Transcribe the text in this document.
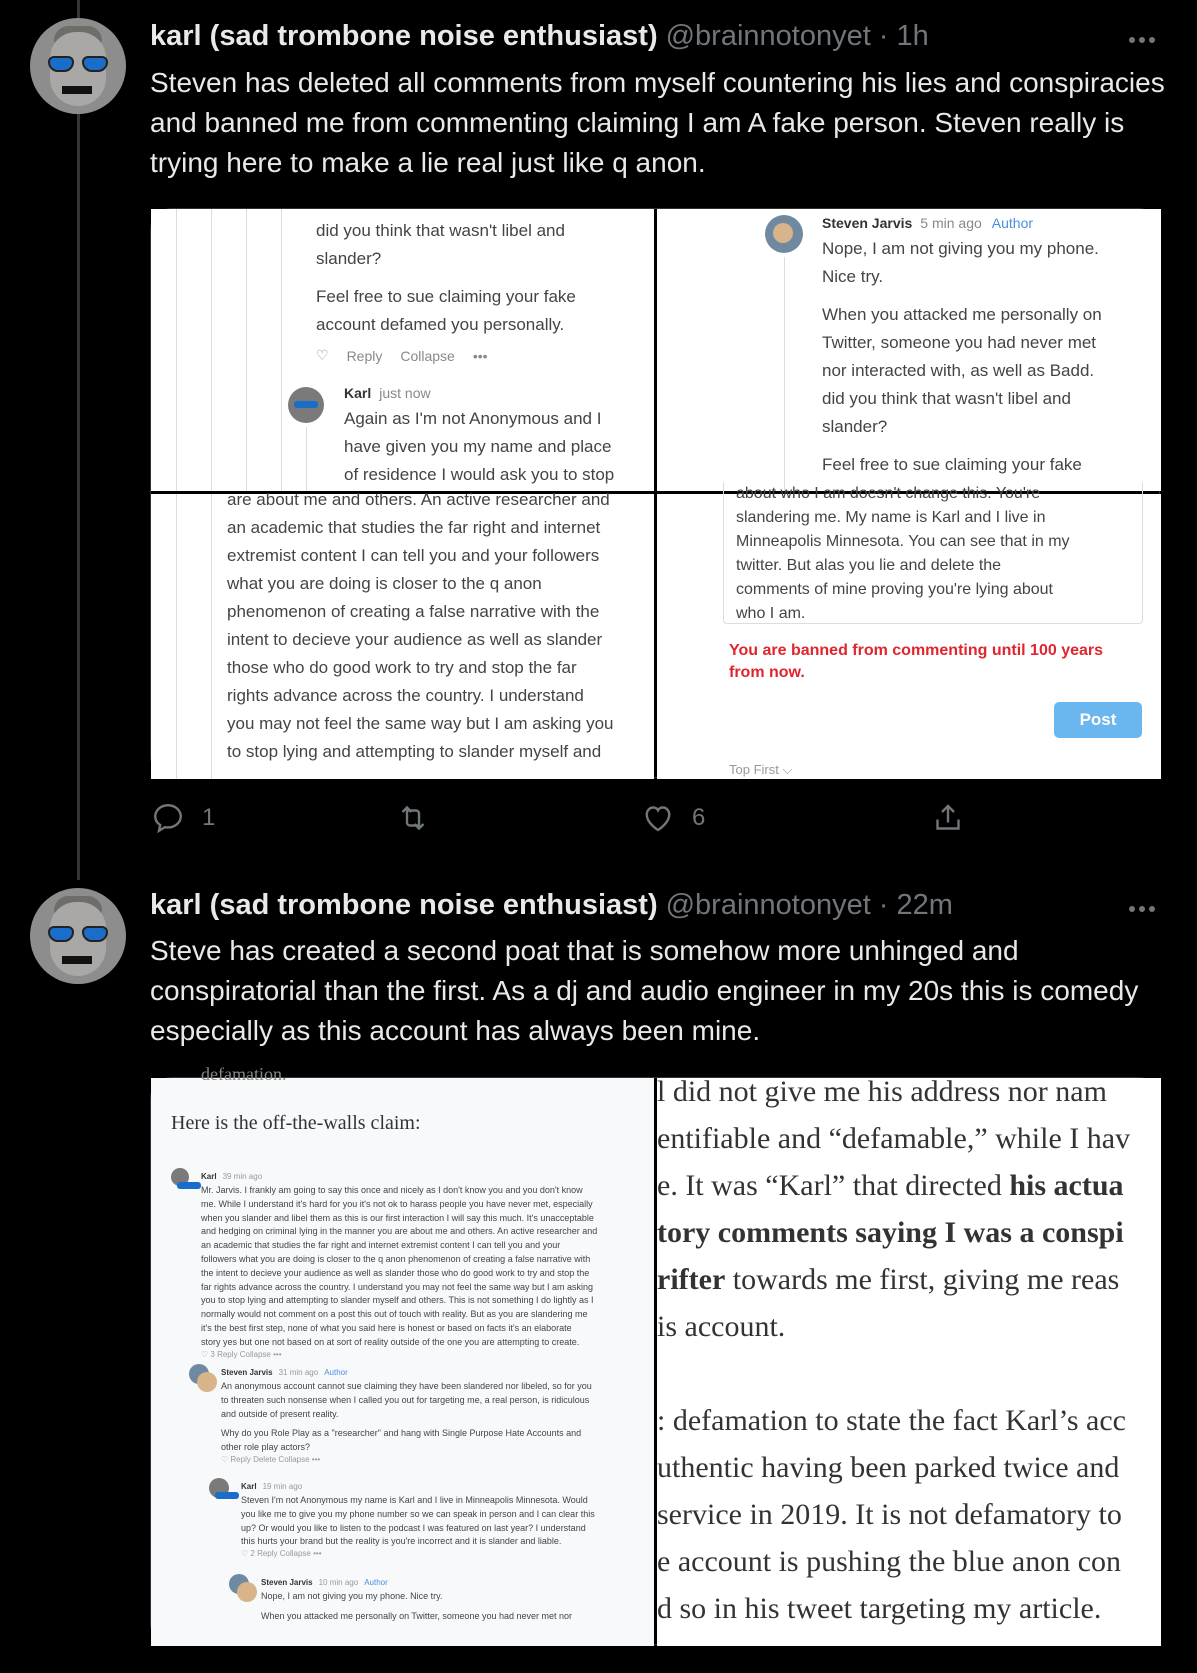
karl (sad trombone noise enthusiast) @brainnotonyet · 1h
Steven has deleted all comments from myself countering his lies and conspiracies and banned me from commenting claiming I am A fake person. Steven really is trying here to make a lie real just like q anon.
did you think that wasn't libel and
slander?
Feel free to sue claiming your fake
account defamed you personally.
♡ Reply Collapse •••
Karl just now
Again as I'm not Anonymous and I
have given you my name and place
of residence I would ask you to stop
Steven Jarvis 5 min ago Author
Nope, I am not giving you my phone.
Nice try.
When you attacked me personally on
Twitter, someone you had never met
nor interacted with, as well as Badd.
did you think that wasn't libel and
slander?
Feel free to sue claiming your fake
are about me and others. An active researcher and
an academic that studies the far right and internet
extremist content I can tell you and your followers
what you are doing is closer to the q anon
phenomenon of creating a false narrative with the
intent to decieve your audience as well as slander
those who do good work to try and stop the far
rights advance across the country. I understand
you may not feel the same way but I am asking you
to stop lying and attempting to slander myself and
about who I am doesn't change this. You're
slandering me. My name is Karl and I live in
Minneapolis Minnesota. You can see that in my
twitter. But alas you lie and delete the
comments of mine proving you're lying about
who I am.
You are banned from commenting until 100 years from now.
Post
Top First ⌵
1	6
karl (sad trombone noise enthusiast) @brainnotonyet · 22m
Steve has created a second poat that is somehow more unhinged and conspiratorial than the first. As a dj and audio engineer in my 20s this is comedy especially as this account has always been mine.
defamation.
Here is the off-the-walls claim:
Karl 39 min ago
Mr. Jarvis. I frankly am going to say this once and nicely as I don't know you and you don't know
me. While I understand it's hard for you it's not ok to harass people you have never met, especially
when you slander and libel them as this is our first interaction I will say this much. It's unacceptable
and hedging on criminal lying in the manner you are about me and others. An active researcher and
an academic that studies the far right and internet extremist content I can tell you and your
followers what you are doing is closer to the q anon phenomenon of creating a false narrative with
the intent to decieve your audience as well as slander those who do good work to try and stop the
far rights advance across the country. I understand you may not feel the same way but I am asking
you to stop lying and attempting to slander myself and others. This is not something I do lightly as I
normally would not comment on a post this out of touch with reality. But as you are slandering me
it's the best first step, none of what you said here is honest or based on facts it's an elaborate
story yes but one not based on at sort of reality outside of the one you are attempting to create.
♡ 3 Reply Collapse •••
Steven Jarvis 31 min ago Author
An anonymous account cannot sue claiming they have been slandered nor libeled, so for you
to threaten such nonsense when I called you out for targeting me, a real person, is ridiculous
and outside of present reality.
Why do you Role Play as a "researcher" and hang with Single Purpose Hate Accounts and
other role play actors?
♡ Reply Delete Collapse •••
Karl 19 min ago
Steven I'm not Anonymous my name is Karl and I live in Minneapolis Minnesota. Would
you like me to give you my phone number so we can speak in person and I can clear this
up? Or would you like to listen to the podcast I was featured on last year? I understand
this hurts your brand but the reality is you're incorrect and it is slander and liable.
♡ 2 Reply Collapse •••
Steven Jarvis 10 min ago Author
Nope, I am not giving you my phone. Nice try.
When you attacked me personally on Twitter, someone you had never met nor
l did not give me his address nor nam
entifiable and “defamable,” while I hav
e. It was “Karl” that directed his actua
tory comments saying I was a conspi
rifter towards me first, giving me reas
is account.

: defamation to state the fact Karl’s acc
uthentic having been parked twice and
service in 2019. It is not defamatory to
e account is pushing the blue anon con
d so in his tweet targeting my article.
